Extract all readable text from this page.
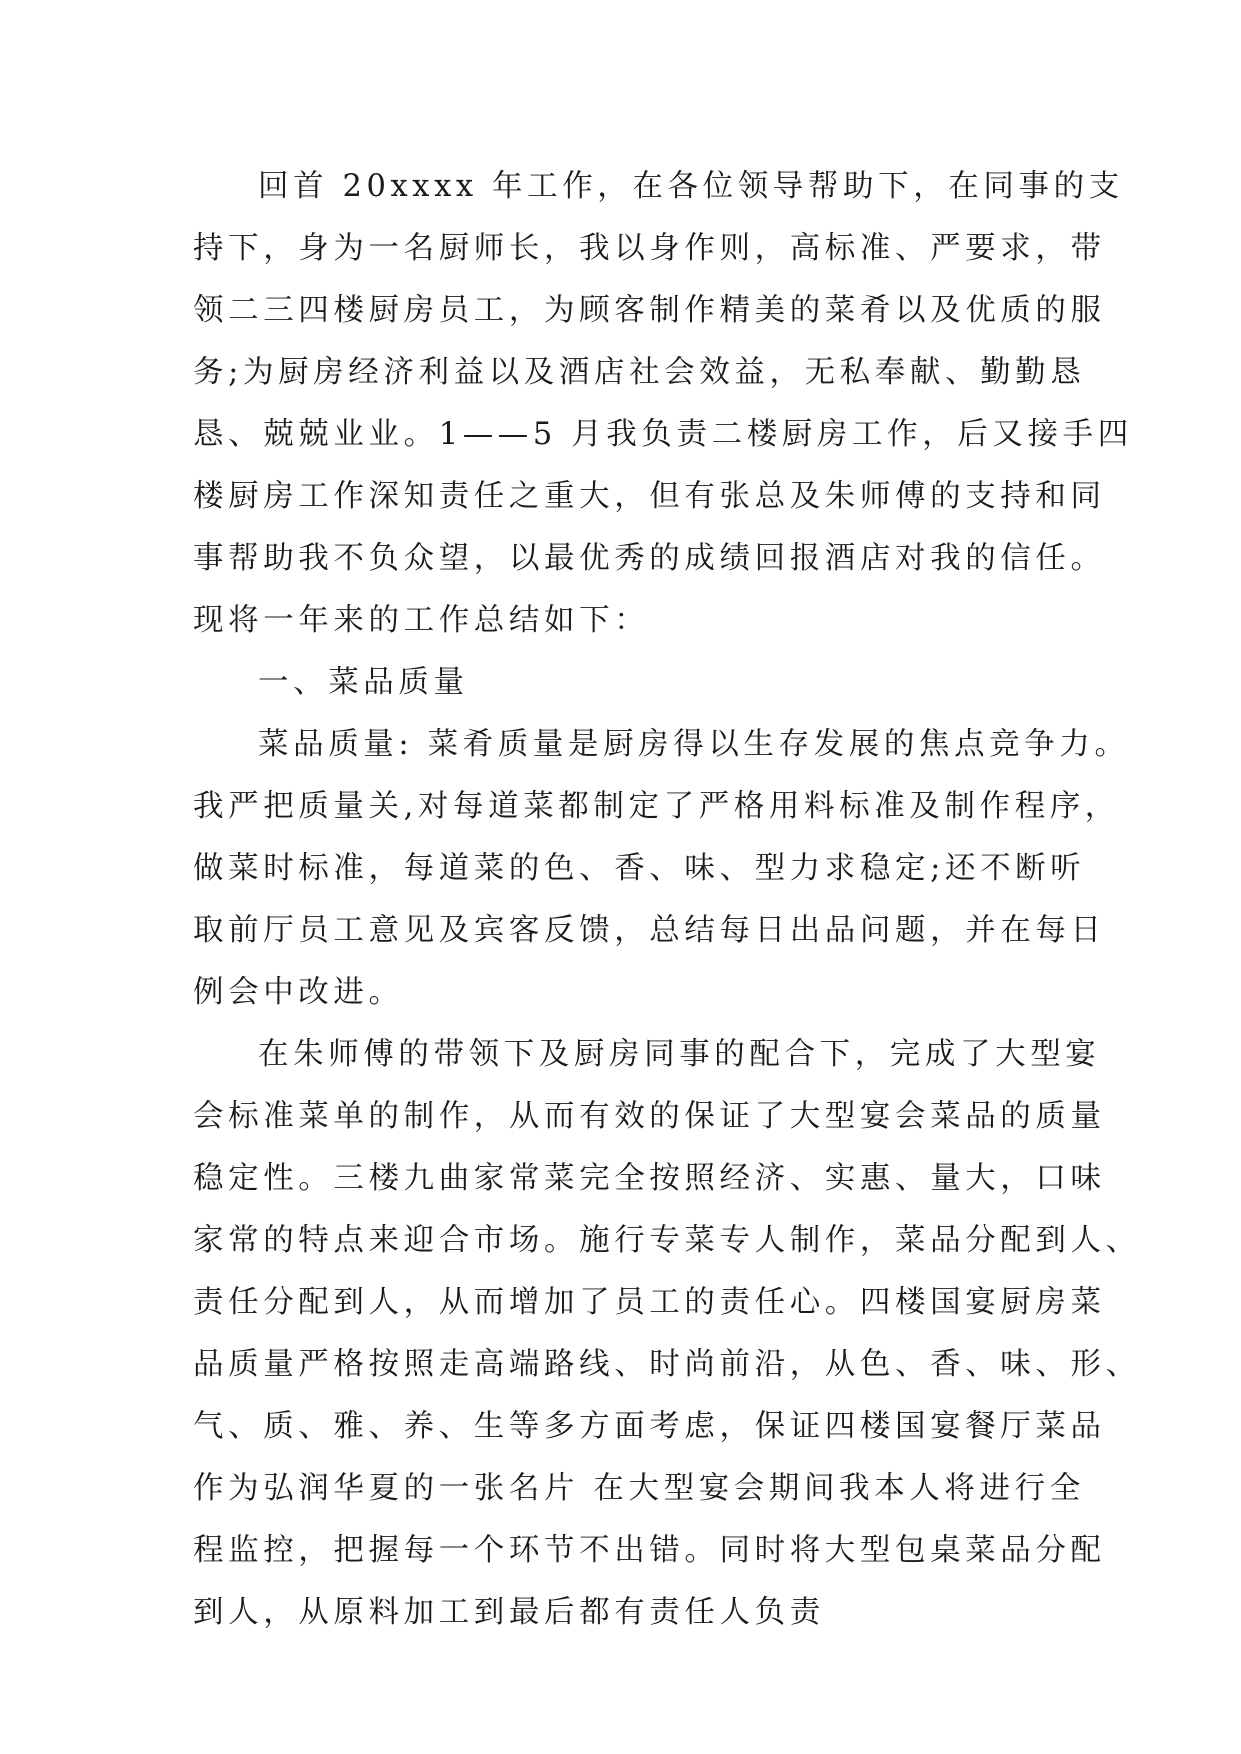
回首 20xxxx 年工作，在各位领导帮助下，在同事的支
持下，身为一名厨师长，我以身作则，高标准、严要求，带
领二三四楼厨房员工，为顾客制作精美的菜肴以及优质的服
务;为厨房经济利益以及酒店社会效益，无私奉献、勤勤恳
恳、兢兢业业。1——5 月我负责二楼厨房工作，后又接手四
楼厨房工作深知责任之重大，但有张总及朱师傅的支持和同
事帮助我不负众望，以最优秀的成绩回报酒店对我的信任。
现将一年来的工作总结如下：
一、菜品质量
菜品质量: 菜肴质量是厨房得以生存发展的焦点竞争力。
我严把质量关,对每道菜都制定了严格用料标准及制作程序，
做菜时标准，每道菜的色、香、味、型力求稳定;还不断听
取前厅员工意见及宾客反馈，总结每日出品问题，并在每日
例会中改进。
在朱师傅的带领下及厨房同事的配合下，完成了大型宴
会标准菜单的制作，从而有效的保证了大型宴会菜品的质量
稳定性。三楼九曲家常菜完全按照经济、实惠、量大，口味
家常的特点来迎合市场。施行专菜专人制作，菜品分配到人、
责任分配到人，从而增加了员工的责任心。四楼国宴厨房菜
品质量严格按照走高端路线、时尚前沿，从色、香、味、形、
气、质、雅、养、生等多方面考虑，保证四楼国宴餐厅菜品
作为弘润华夏的一张名片 在大型宴会期间我本人将进行全
程监控，把握每一个环节不出错。同时将大型包桌菜品分配
到人，从原料加工到最后都有责任人负责
